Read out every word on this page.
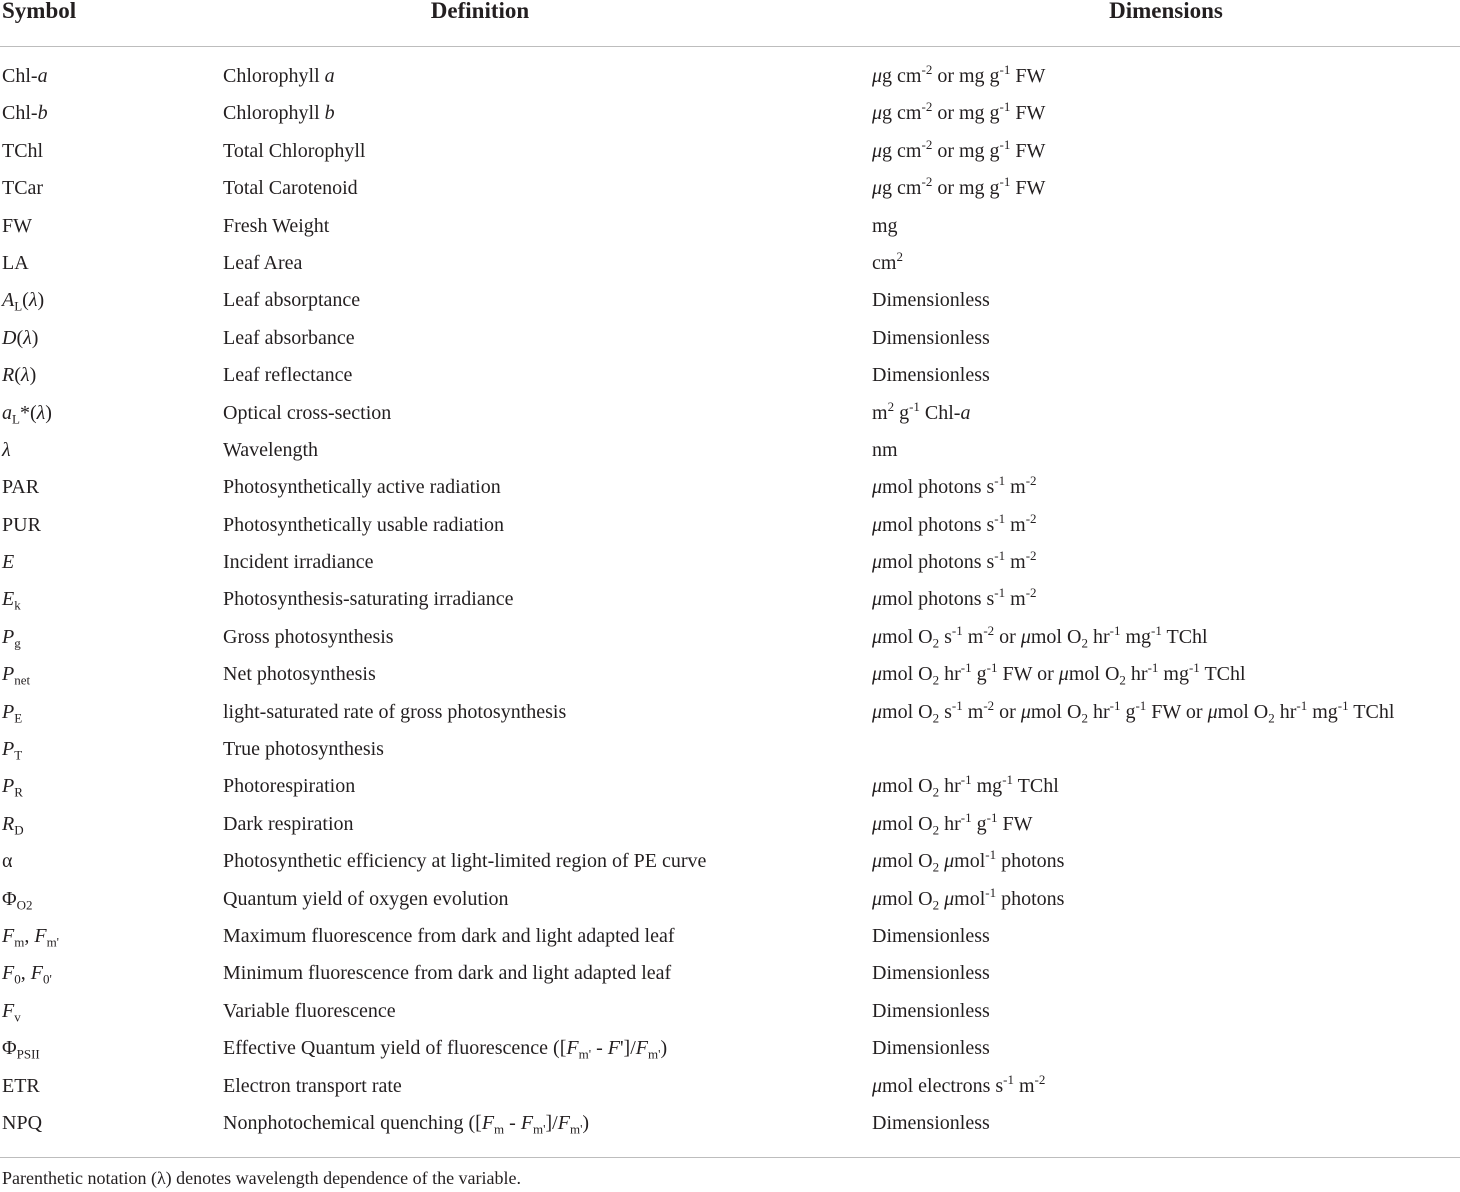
Symbol	Definition	Dimensions
Chl-a	Chlorophyll a	μg $cm^{-2}$ or mg $g^{-1}$ FW
Chl-b	Chlorophyll b	μg $cm^{-2}$ or mg $g^{-1}$ FW
TChl	Total Chlorophyll	μg $cm^{-2}$ or mg $g^{-1}$ FW
TCar	Total Carotenoid	μg $cm^{-2}$ or mg $g^{-1}$ FW
FW	Fresh Weight	mg
LA	Leaf Area	$cm^2$
$A_L(\lambda)$	Leaf absorptance	Dimensionless
D(λ)	Leaf absorbance	Dimensionless
R(λ)	Leaf reflectance	Dimensionless
$a_L*(\lambda)$	Optical cross-section	$m^2$ $g^{-1}$ Chl-a
λ	Wavelength	nm
PAR	Photosynthetically active radiation	μmol photons $s^{-1}$ $m^{-2}$
PUR	Photosynthetically usable radiation	μmol photons $s^{-1}$ $m^{-2}$
E	Incident irradiance	μmol photons $s^{-1}$ $m^{-2}$
$E_k$	Photosynthesis-saturating irradiance	μmol photons $s^{-1}$ $m^{-2}$
$P_g$	Gross photosynthesis	μmol $O_2$ $s^{-1}$ $m^{-2}$ or μmol $O_2$ $hr^{-1}$ $mg^{-1}$ TChl
$P_{net}$	Net photosynthesis	μmol $O_2$ $hr^{-1}$ $g^{-1}$ FW or μmol $O_2$ $hr^{-1}$ $mg^{-1}$ TChl
$P_E$	light-saturated rate of gross photosynthesis	μmol $O_2$ $s^{-1}$ $m^{-2}$ or μmol $O_2$ $hr^{-1}$ $g^{-1}$ FW or μmol $O_2$ $hr^{-1}$ $mg^{-1}$ TChl
$P_T$	True photosynthesis
$P_R$	Photorespiration	μmol $O_2$ $hr^{-1}$ $mg^{-1}$ TChl
$R_D$	Dark respiration	μmol $O_2$ $hr^{-1}$ $g^{-1}$ FW
α	Photosynthetic efficiency at light-limited region of PE curve	μmol $O_2$ μmol$^{-1}$ photons
$\Phi_{O2}$	Quantum yield of oxygen evolution	μmol $O_2$ μmol$^{-1}$ photons
$F_m$, $F_{m'}$	Maximum fluorescence from dark and light adapted leaf	Dimensionless
$F_0$, $F_{0'}$	Minimum fluorescence from dark and light adapted leaf	Dimensionless
$F_v$	Variable fluorescence	Dimensionless
$\Phi_{PSII}$	Effective Quantum yield of fluorescence $([F_{m'} - F']/F_{m'})$	Dimensionless
ETR	Electron transport rate	μmol electrons $s^{-1}$ $m^{-2}$
NPQ	Nonphotochemical quenching $([F_m - F_{m'}]/F_{m'})$	Dimensionless
Parenthetic notation (λ) denotes wavelength dependence of the variable.
